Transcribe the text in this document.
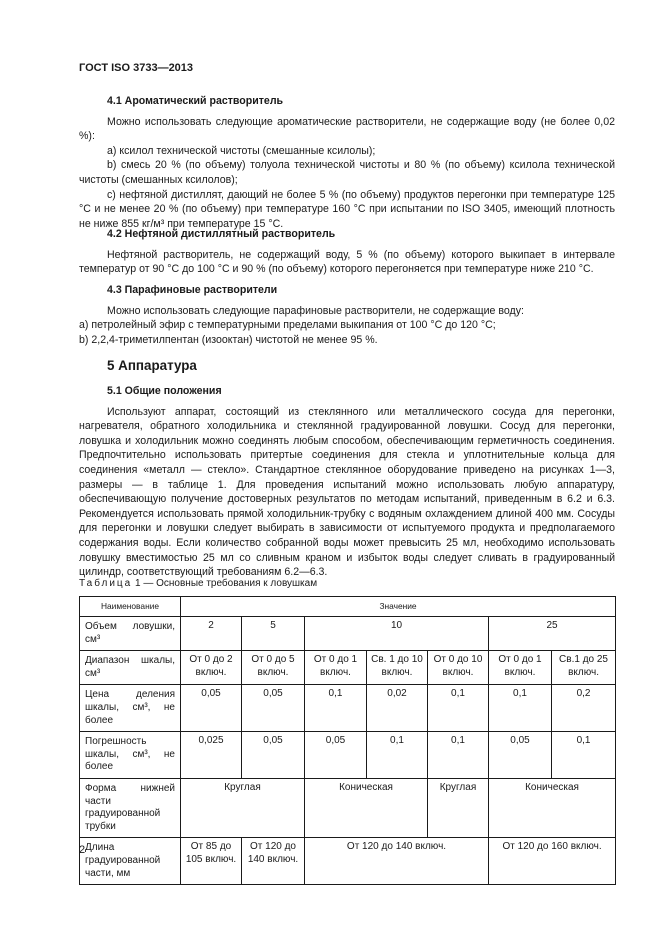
ГОСТ ISO 3733—2013
4.1 Ароматический растворитель

Можно использовать следующие ароматические растворители, не содержащие воду (не более 0,02 %):

а) ксилол технической чистоты (смешанные ксилолы);

b) смесь 20 % (по объему) толуола технической чистоты и 80 % (по объему) ксилола технической чистоты (смешанных ксилолов);

с) нефтяной дистиллят, дающий не более 5 % (по объему) продуктов перегонки при температуре 125 °С и не менее 20 % (по объему) при температуре 160 °С при испытании по ISO 3405, имеющий плотность не ниже 855 кг/м³ при температуре 15 °С.

4.2 Нефтяной дистиллятный растворитель

Нефтяной растворитель, не содержащий воду, 5 % (по объему) которого выкипает в интервале температур от 90 °С до 100 °С и 90 % (по объему) которого перегоняется при температуре ниже 210 °С.

4.3 Парафиновые растворители

Можно использовать следующие парафиновые растворители, не содержащие воду:

а) петролейный эфир с температурными пределами выкипания от 100 °С до 120 °С;

b) 2,2,4-триметилпентан (изооктан) чистотой не менее 95 %.

5 Аппаратура
5.1 Общие положения

Используют аппарат, состоящий из стеклянного или металлического сосуда для перегонки, нагревателя, обратного холодильника и стеклянной градуированной ловушки. Сосуд для перегонки, ловушка и холодильник можно соединять любым способом, обеспечивающим герметичность соединения. Предпочтительно использовать притертые соединения для стекла и уплотнительные кольца для соединения «металл — стекло». Стандартное стеклянное оборудование приведено на рисунках 1—3, размеры — в таблице 1. Для проведения испытаний можно использовать любую аппаратуру, обеспечивающую получение достоверных результатов по методам испытаний, приведенным в 6.2 и 6.3. Рекомендуется использовать прямой холодильник-трубку с водяным охлаждением длиной 400 мм. Сосуды для перегонки и ловушки следует выбирать в зависимости от испытуемого продукта и предполагаемого содержания воды. Если количество собранной воды может превысить 25 мл, необходимо использовать ловушку вместимостью 25 мл со сливным краном и избыток воды следует сливать в градуированный цилиндр, соответствующий требованиям 6.2—6.3.

Таблица 1 — Основные требования к ловушкам
Наименование	Значение						
Объем ловушки, см³	2	5	10			25	
Диапазон шкалы, см³	От 0 до 2 включ.	От 0 до 5 включ.	От 0 до 1 включ.	Св. 1 до 10 включ.	От 0 до 10 включ.	От 0 до 1 включ.	Св.1 до 25 включ.
Цена деления шкалы, см³, не более	0,05	0,05	0,1	0,02	0,1	0,1	0,2
Погрешность шкалы, см³, не более	0,025	0,05	0,05	0,1	0,1	0,05	0,1
Форма нижней части градуированной трубки	Круглая		Коническая		Круглая	Коническая	
Длина градуированной части, мм	От 85 до 105 включ.	От 120 до 140 включ.	От 120 до 140 включ.			От 120 до 160 включ.	
2
